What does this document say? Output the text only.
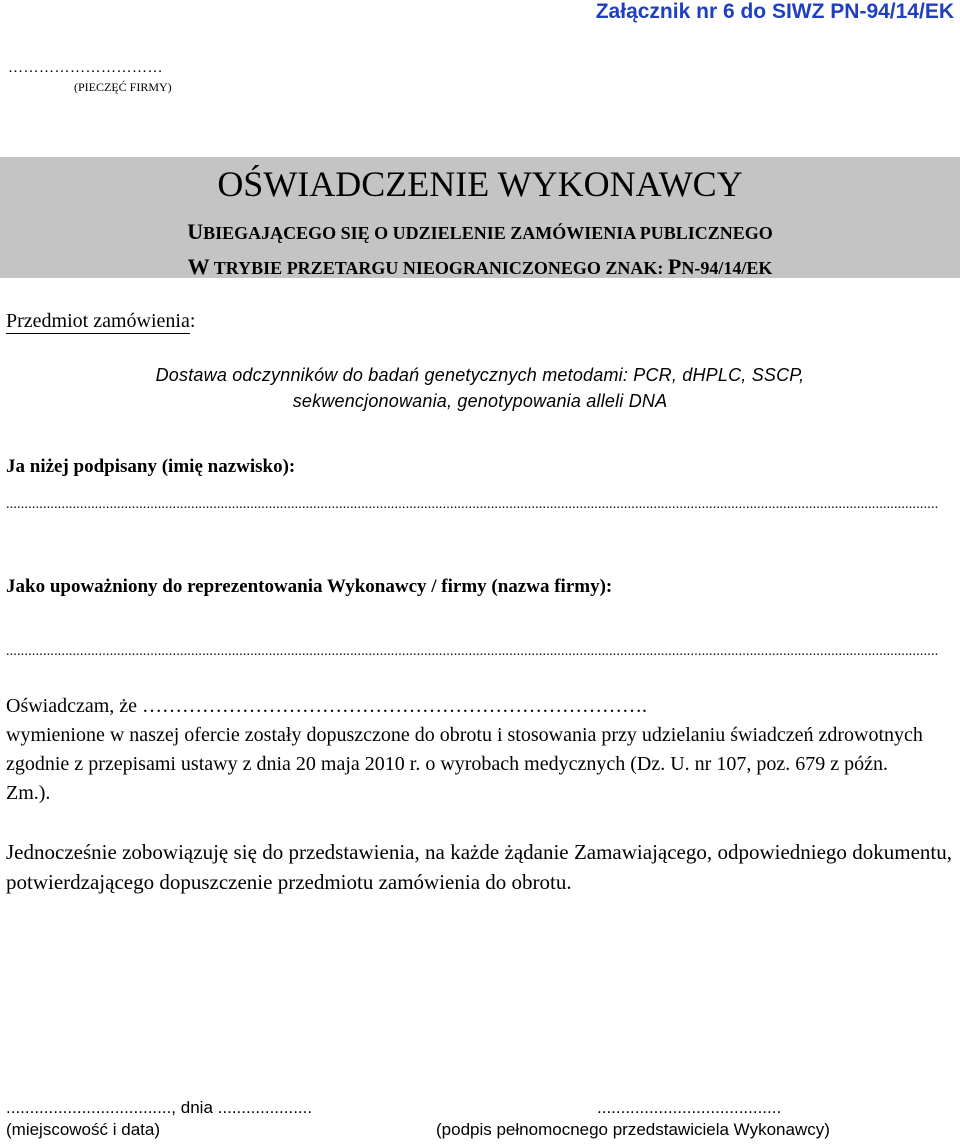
Załącznik nr 6 do SIWZ PN-94/14/EK
…………………………
(PIECZĘĆ FIRMY)
OŚWIADCZENIE WYKONAWCY
UBIEGAJĄCEGO SIĘ O UDZIELENIE ZAMÓWIENIA PUBLICZNEGO
W TRYBIE PRZETARGU NIEOGRANICZONEGO ZNAK: PN-94/14/EK
Przedmiot zamówienia:
Dostawa odczynników do badań genetycznych metodami: PCR, dHPLC, SSCP,
sekwencjonowania, genotypowania alleli DNA
Ja niżej podpisany (imię nazwisko):
............................................................................................................................................................................................................................................................
Jako upoważniony do reprezentowania Wykonawcy / firmy (nazwa firmy):
............................................................................................................................................................................................................................................................
Oświadczam, że ………………………………………………………………….
wymienione w naszej ofercie zostały dopuszczone do obrotu i stosowania przy udzielaniu świadczeń zdrowotnych zgodnie z przepisami ustawy z dnia 20 maja 2010 r. o wyrobach medycznych (Dz. U. nr 107, poz. 679 z późn. Zm.).
Jednocześnie zobowiązuję się do przedstawienia, na każde żądanie Zamawiającego, odpowiedniego dokumentu, potwierdzającego dopuszczenie przedmiotu zamówienia do obrotu.
..................................., dnia ....................
(miejscowość i data)
.......................................
(podpis pełnomocnego przedstawiciela Wykonawcy)
